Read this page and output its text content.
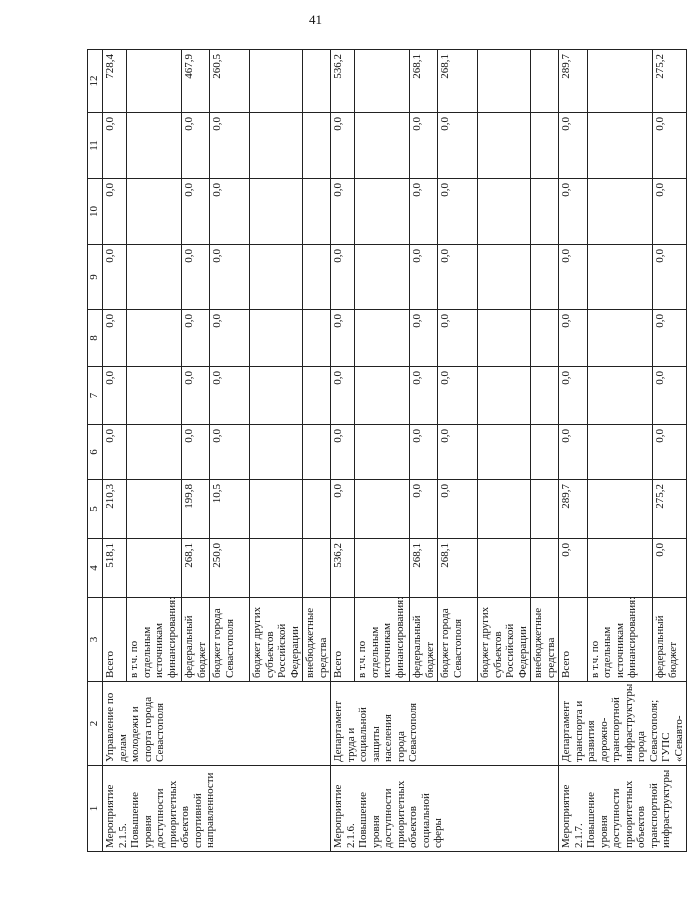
41
1	2	3	4	5	6	7	8	9	10	11	12
Мероприятие 2.1.5. Повышение уровня доступности приоритетных объектов спортивной направленности	Управление по делам молодежи и спорта города Севастополя	Всего	518,1	210,3	0,0	0,0	0,0	0,0	0,0	0,0	728,4
		в т.ч. по отдельным источникам финансирования:									
		федеральный бюджет	268,1	199,8	0,0	0,0	0,0	0,0	0,0	0,0	467,9
		бюджет города Севастополя	250,0	10,5	0,0	0,0	0,0	0,0	0,0	0,0	260,5
		бюджет других субъектов Российской Федерации									
		внебюджетные средства									
Мероприятие 2.1.6. Повышение уровня доступности приоритетных объектов социальной сферы	Департамент труда и социальной защиты населения города Севастополя	Всего	536,2	0,0	0,0	0,0	0,0	0,0	0,0	0,0	536,2
		в т.ч. по отдельным источникам финансирования:									
		федеральный бюджет	268,1	0,0	0,0	0,0	0,0	0,0	0,0	0,0	268,1
		бюджет города Севастополя	268,1	0,0	0,0	0,0	0,0	0,0	0,0	0,0	268,1
		бюджет других субъектов Российской Федерации									
		внебюджетные средства									
Мероприятие 2.1.7. Повышение уровня доступности приоритетных объектов транспортной инфраструктуры	Департамент транспорта и развития дорожно-транспортной инфраструктуры города Севастополя; ГУПС «Севавто-	Всего	0,0	289,7	0,0	0,0	0,0	0,0	0,0	0,0	289,7
		в т.ч. по отдельным источникам финансирования:									
		федеральный бюджет	0,0	275,2	0,0	0,0	0,0	0,0	0,0	0,0	275,2
